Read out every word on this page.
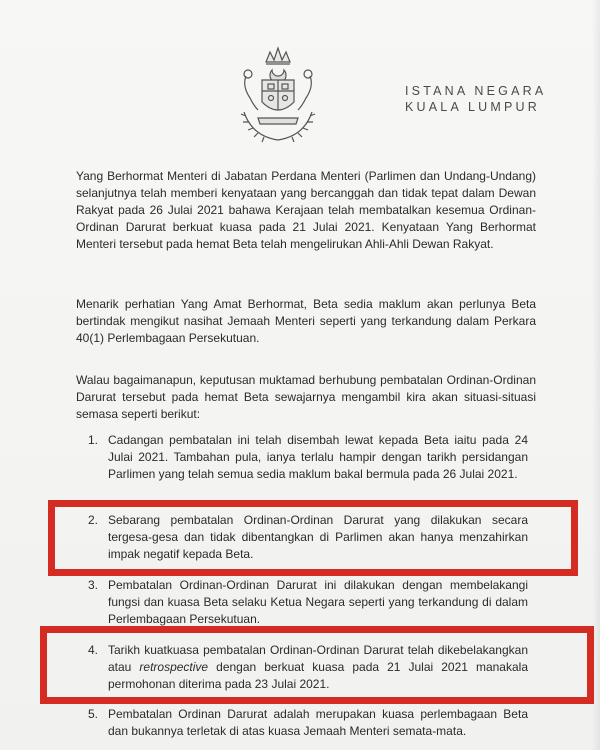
ISTANA NEGARA
KUALA LUMPUR

Yang Berhormat Menteri di Jabatan Perdana Menteri (Parlimen dan Undang-Undang) selanjutnya telah memberi kenyataan yang bercanggah dan tidak tepat dalam Dewan Rakyat pada 26 Julai 2021 bahawa Kerajaan telah membatalkan kesemua Ordinan-Ordinan Darurat berkuat kuasa pada 21 Julai 2021. Kenyataan Yang Berhormat Menteri tersebut pada hemat Beta telah mengelirukan Ahli-Ahli Dewan Rakyat.

Menarik perhatian Yang Amat Berhormat, Beta sedia maklum akan perlunya Beta bertindak mengikut nasihat Jemaah Menteri seperti yang terkandung dalam Perkara 40(1) Perlembagaan Persekutuan.

Walau bagaimanapun, keputusan muktamad berhubung pembatalan Ordinan-Ordinan Darurat tersebut pada hemat Beta sewajarnya mengambil kira akan situasi-situasi semasa seperti berikut:

1. Cadangan pembatalan ini telah disembah lewat kepada Beta iaitu pada 24 Julai 2021. Tambahan pula, ianya terlalu hampir dengan tarikh persidangan Parlimen yang telah semua sedia maklum bakal bermula pada 26 Julai 2021.
2. Sebarang pembatalan Ordinan-Ordinan Darurat yang dilakukan secara tergesa-gesa dan tidak dibentangkan di Parlimen akan hanya menzahirkan impak negatif kepada Beta.
3. Pembatalan Ordinan-Ordinan Darurat ini dilakukan dengan membelakangi fungsi dan kuasa Beta selaku Ketua Negara seperti yang terkandung di dalam Perlembagaan Persekutuan.
4. Tarikh kuatkuasa pembatalan Ordinan-Ordinan Darurat telah dikebelakangkan atau retrospective dengan berkuat kuasa pada 21 Julai 2021 manakala permohonan diterima pada 23 Julai 2021.
5. Pembatalan Ordinan Darurat adalah merupakan kuasa perlembagaan Beta dan bukannya terletak di atas kuasa Jemaah Menteri semata-mata.
